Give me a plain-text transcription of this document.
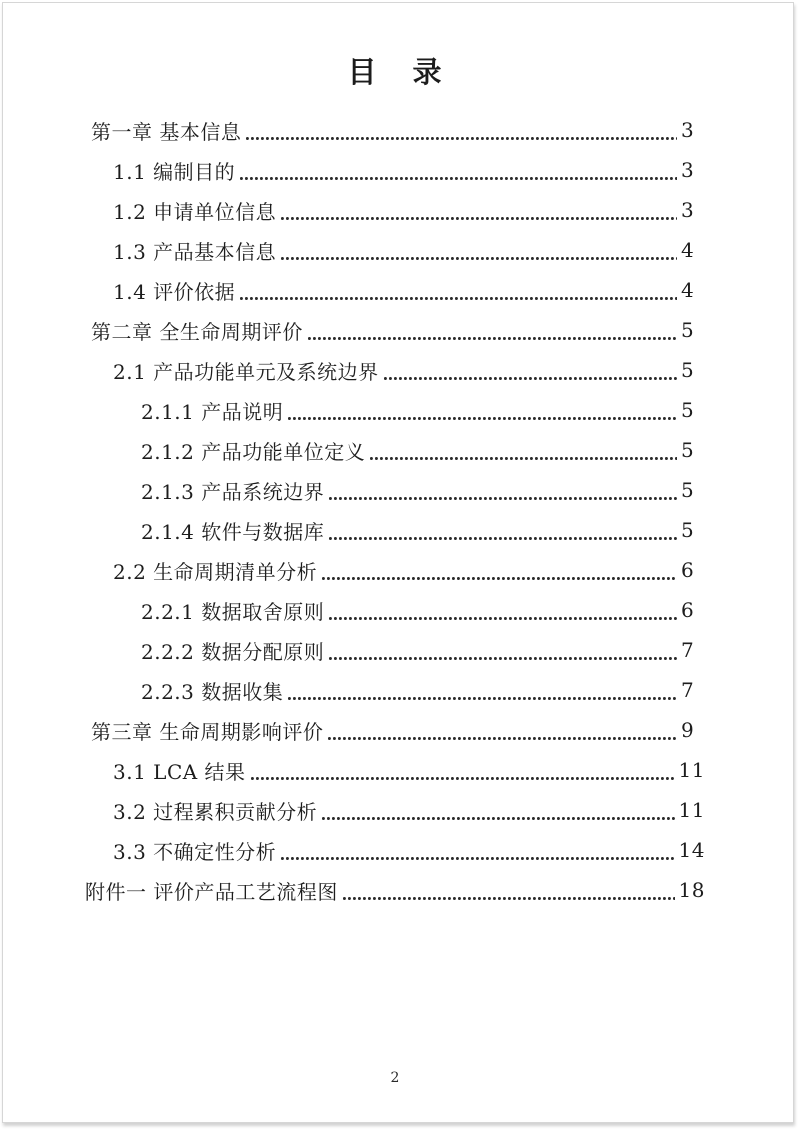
目 录
第一章 基本信息	3
1.1 编制目的	3
1.2 申请单位信息	3
1.3 产品基本信息	4
1.4 评价依据	4
第二章 全生命周期评价	5
2.1 产品功能单元及系统边界	5
2.1.1 产品说明	5
2.1.2 产品功能单位定义	5
2.1.3 产品系统边界	5
2.1.4 软件与数据库	5
2.2 生命周期清单分析	6
2.2.1 数据取舍原则	6
2.2.2 数据分配原则	7
2.2.3 数据收集	7
第三章 生命周期影响评价	9
3.1 LCA 结果	11
3.2 过程累积贡献分析	11
3.3 不确定性分析	14
附件一 评价产品工艺流程图	18
2
